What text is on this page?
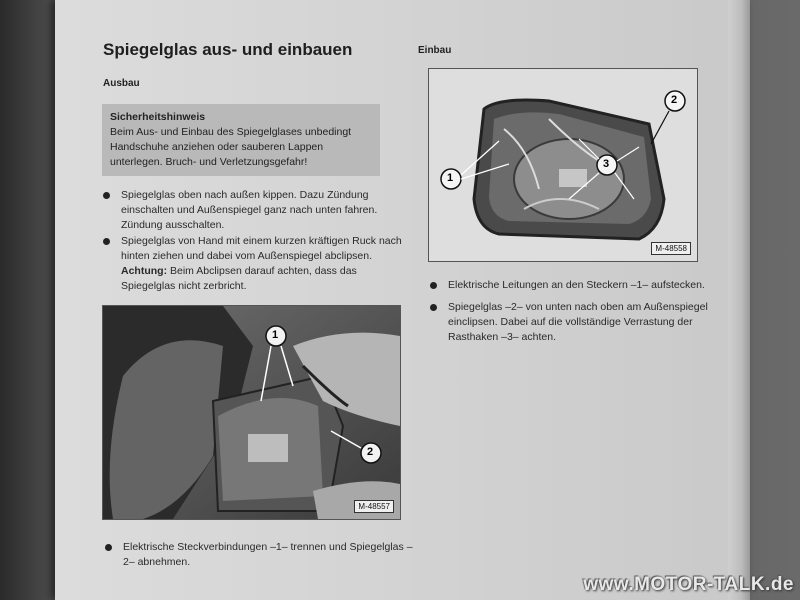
Spiegelglas aus- und einbauen
Ausbau
Sicherheitshinweis
Beim Aus- und Einbau des Spiegelglases unbedingt Handschuhe anziehen oder sauberen Lappen unterlegen. Bruch- und Verletzungsgefahr!
Spiegelglas oben nach außen kippen. Dazu Zündung einschalten und Außenspiegel ganz nach unten fahren. Zündung ausschalten.
Spiegelglas von Hand mit einem kurzen kräftigen Ruck nach hinten ziehen und dabei vom Außenspiegel abclipsen. Achtung: Beim Abclipsen darauf achten, dass das Spiegelglas nicht zerbricht.
1
2
M-48557
Elektrische Steckverbindungen –1– trennen und Spiegelglas –2– abnehmen.
Einbau
2
1
3
M-48558
Elektrische Leitungen an den Steckern –1– aufstecken.
Spiegelglas –2– von unten nach oben am Außenspiegel einclipsen. Dabei auf die vollständige Verrastung der Rasthaken –3– achten.
www.MOTOR-TALK.de
